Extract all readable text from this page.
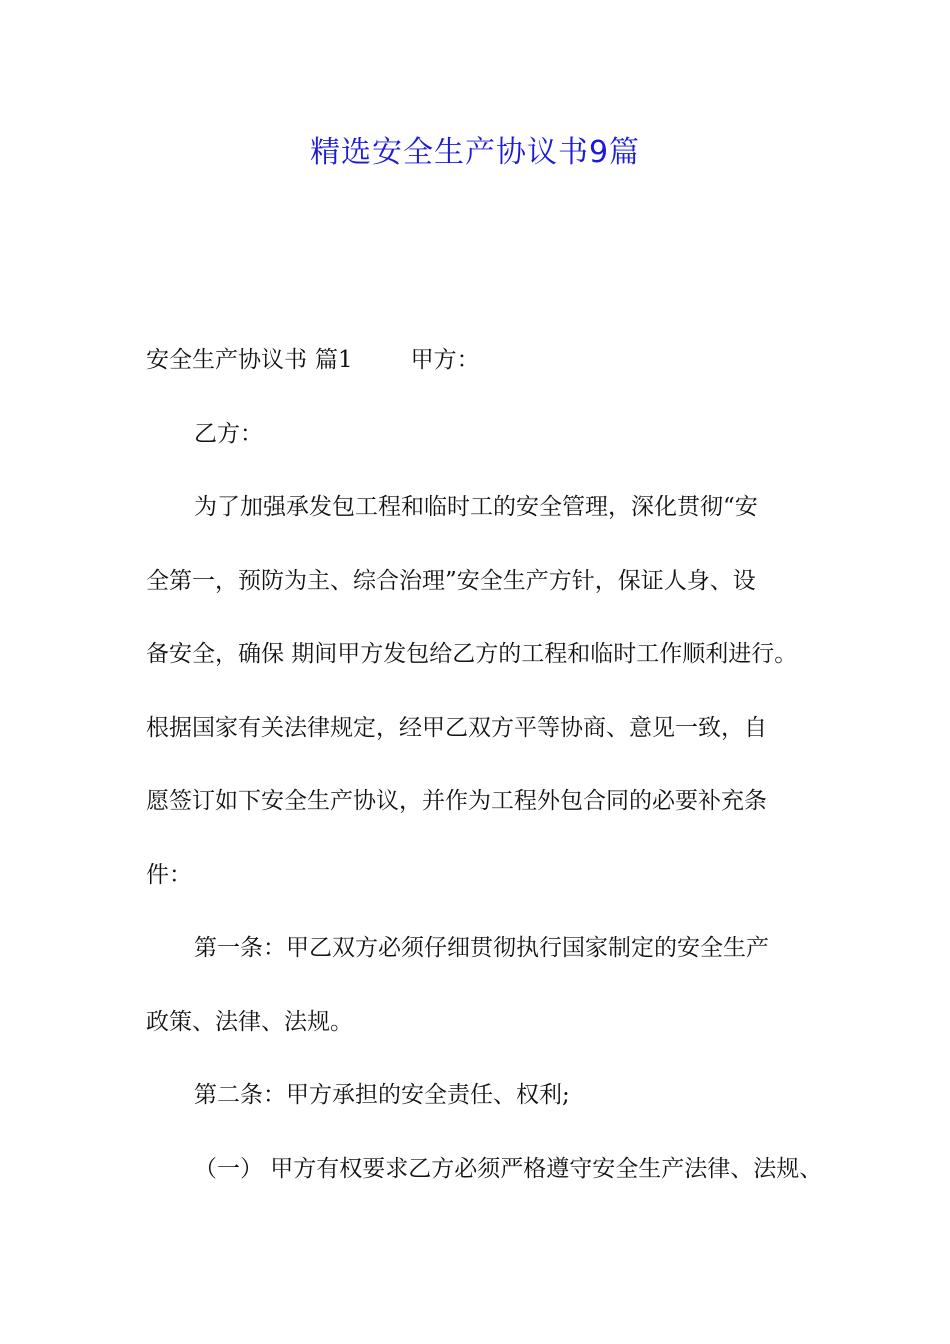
精选安全生产协议书9篇
安全生产协议书 篇1	甲方：
乙方：
为了加强承发包工程和临时工的安全管理，深化贯彻“安
全第一，预防为主、综合治理”安全生产方针，保证人身、设
备安全，确保 期间甲方发包给乙方的工程和临时工作顺利进行。
根据国家有关法律规定，经甲乙双方平等协商、意见一致，自
愿签订如下安全生产协议，并作为工程外包合同的必要补充条
件：
第一条：甲乙双方必须仔细贯彻执行国家制定的安全生产
政策、法律、法规。
第二条：甲方承担的安全责任、权利;
（一） 甲方有权要求乙方必须严格遵守安全生产法律、法规、
